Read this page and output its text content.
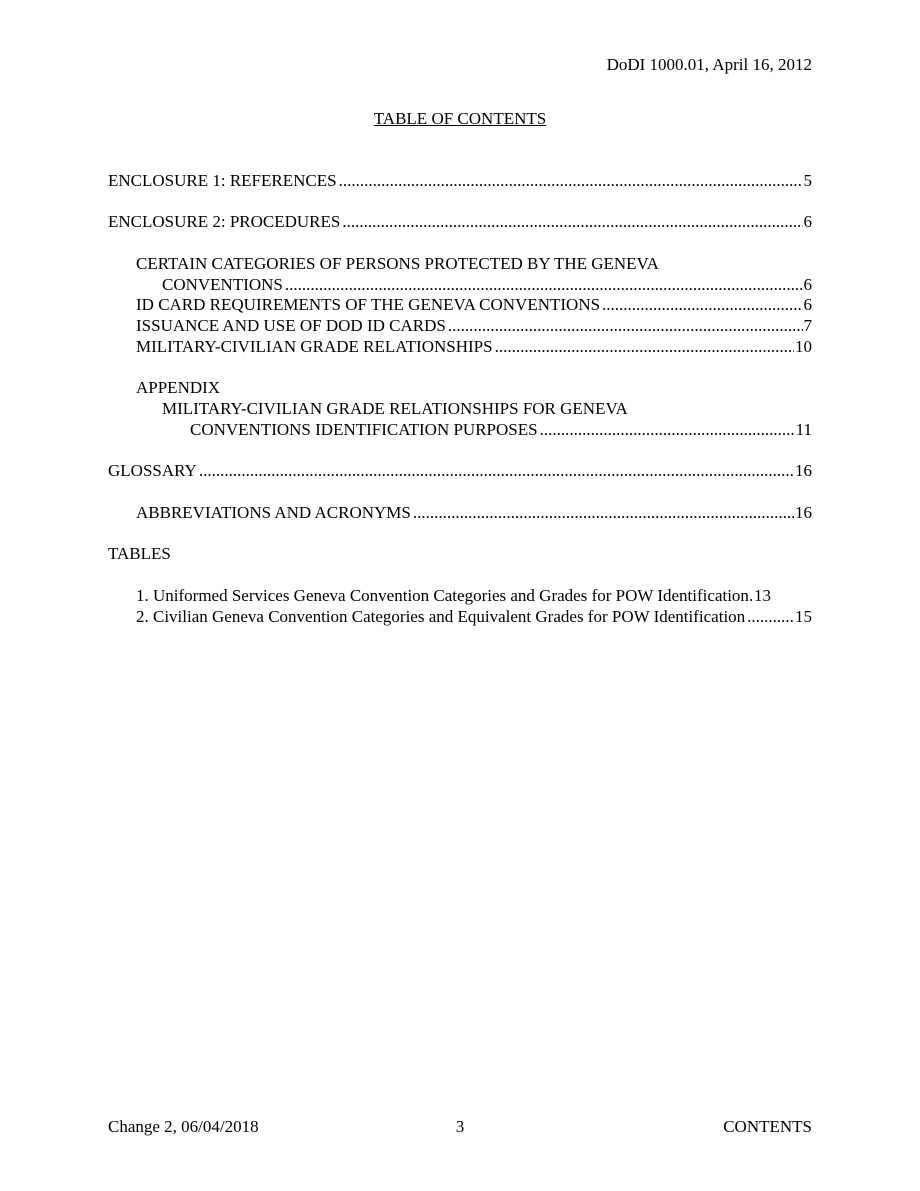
DoDI 1000.01, April 16, 2012
TABLE OF CONTENTS
ENCLOSURE 1: REFERENCES .....	5
ENCLOSURE 2: PROCEDURES .....	6
CERTAIN CATEGORIES OF PERSONS PROTECTED BY THE GENEVA
CONVENTIONS .....	6
ID CARD REQUIREMENTS OF THE GENEVA CONVENTIONS .....	6
ISSUANCE AND USE OF DOD ID CARDS .....	7
MILITARY-CIVILIAN GRADE RELATIONSHIPS .....	10
APPENDIX
MILITARY-CIVILIAN GRADE RELATIONSHIPS FOR GENEVA
CONVENTIONS IDENTIFICATION PURPOSES .....	11
GLOSSARY .....	16
ABBREVIATIONS AND ACRONYMS .....	16
TABLES
1. Uniformed Services Geneva Convention Categories and Grades for POW Identification ..... 13
2. Civilian Geneva Convention Categories and Equivalent Grades for POW Identification .....	15
Change 2, 06/04/2018	3	CONTENTS
